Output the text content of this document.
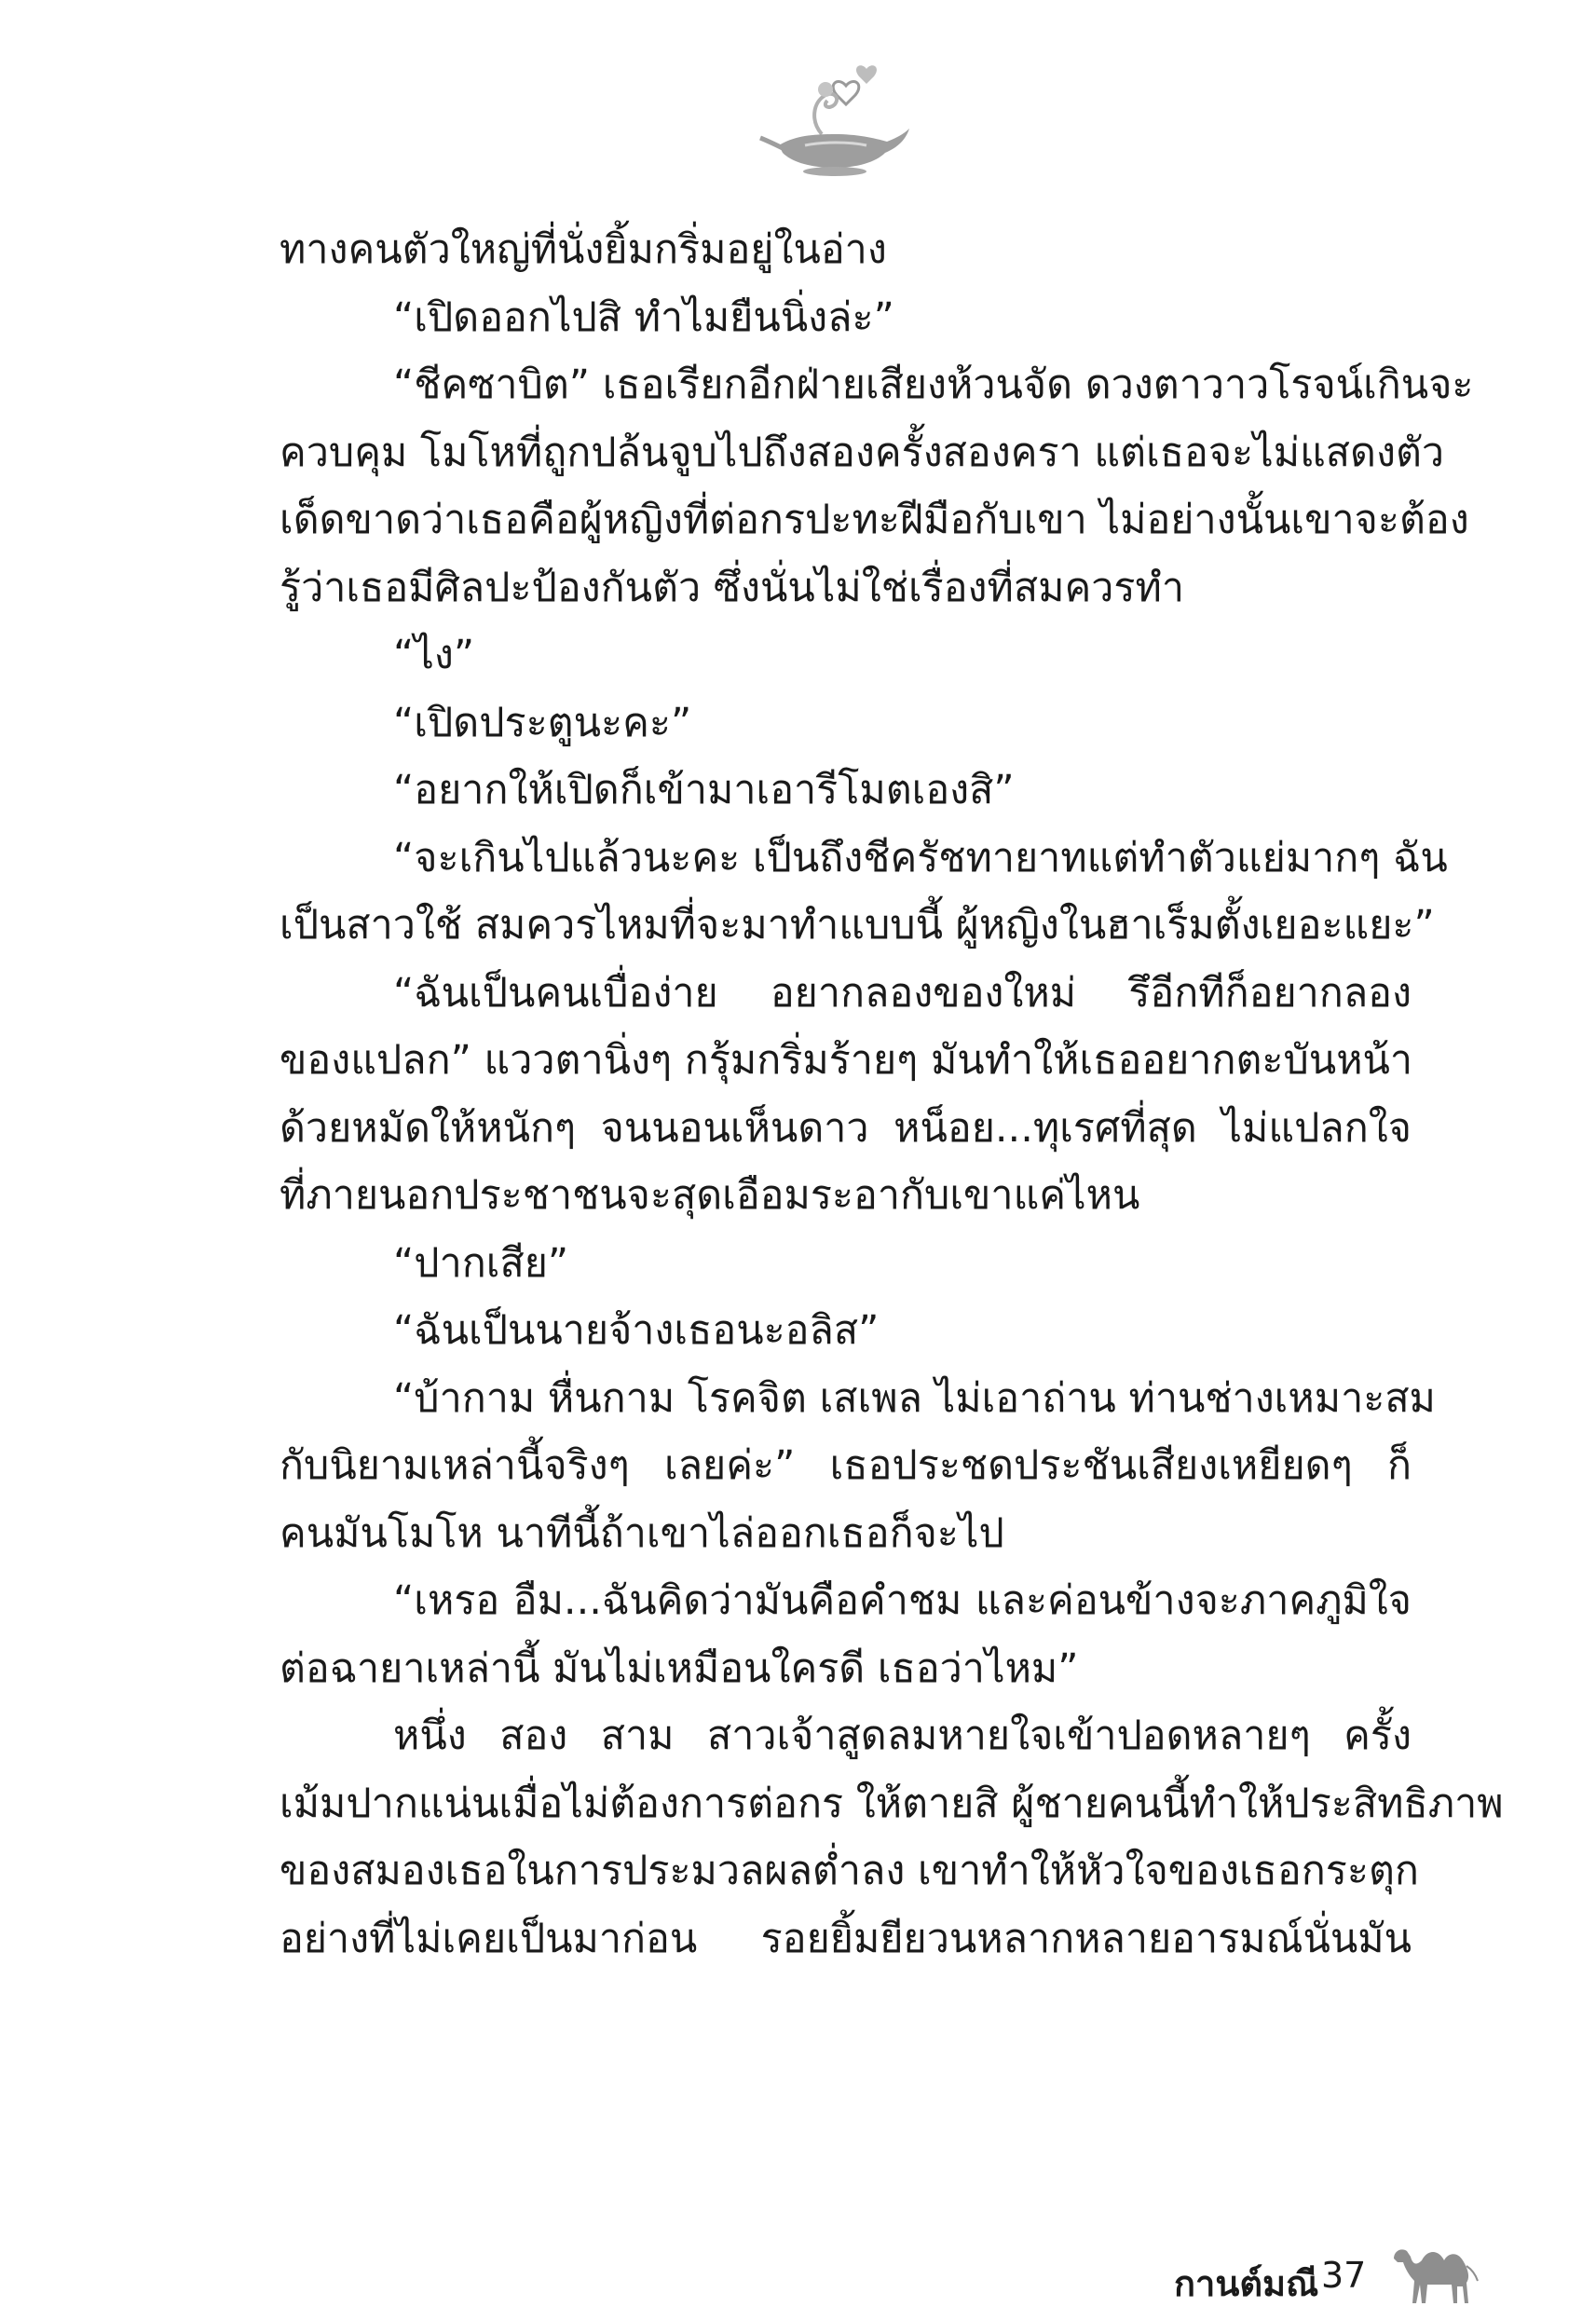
ทางคนตัวใหญ่ที่นั่งยิ้มกริ่มอยู่ในอ่าง
“เปิดออกไปสิ ทำไมยืนนิ่งล่ะ”
“ชีคซาบิต” เธอเรียกอีกฝ่ายเสียงห้วนจัด ดวงตาวาวโรจน์เกินจะ
ควบคุม โมโหที่ถูกปล้นจูบไปถึงสองครั้งสองครา แต่เธอจะไม่แสดงตัว
เด็ดขาดว่าเธอคือผู้หญิงที่ต่อกรปะทะฝีมือกับเขา ไม่อย่างนั้นเขาจะต้อง
รู้ว่าเธอมีศิลปะป้องกันตัว ซึ่งนั่นไม่ใช่เรื่องที่สมควรทำ
“ไง”
“เปิดประตูนะคะ”
“อยากให้เปิดก็เข้ามาเอารีโมตเองสิ”
“จะเกินไปแล้วนะคะ เป็นถึงชีครัชทายาทแต่ทำตัวแย่มากๆ ฉัน
เป็นสาวใช้ สมควรไหมที่จะมาทำแบบนี้ ผู้หญิงในฮาเร็มตั้งเยอะแยะ”
“ฉันเป็นคนเบื่อง่าย อยากลองของใหม่ รึอีกทีก็อยากลอง
ของแปลก” แววตานิ่งๆ กรุ้มกริ่มร้ายๆ มันทำให้เธออยากตะบันหน้า
ด้วยหมัดให้หนักๆ จนนอนเห็นดาว หน็อย...ทุเรศที่สุด ไม่แปลกใจ
ที่ภายนอกประชาชนจะสุดเอือมระอากับเขาแค่ไหน
“ปากเสีย”
“ฉันเป็นนายจ้างเธอนะอลิส”
“บ้ากาม หื่นกาม โรคจิต เสเพล ไม่เอาถ่าน ท่านช่างเหมาะสม
กับนิยามเหล่านี้จริงๆ เลยค่ะ” เธอประชดประชันเสียงเหยียดๆ ก็
คนมันโมโห นาทีนี้ถ้าเขาไล่ออกเธอก็จะไป
“เหรอ อืม...ฉันคิดว่ามันคือคำชม และค่อนข้างจะภาคภูมิใจ
ต่อฉายาเหล่านี้ มันไม่เหมือนใครดี เธอว่าไหม”
หนึ่ง สอง สาม สาวเจ้าสูดลมหายใจเข้าปอดหลายๆ ครั้ง
เม้มปากแน่นเมื่อไม่ต้องการต่อกร ให้ตายสิ ผู้ชายคนนี้ทำให้ประสิทธิภาพ
ของสมองเธอในการประมวลผลต่ำลง เขาทำให้หัวใจของเธอกระตุก
อย่างที่ไม่เคยเป็นมาก่อน รอยยิ้มยียวนหลากหลายอารมณ์นั่นมัน
กานต์มณี 37
